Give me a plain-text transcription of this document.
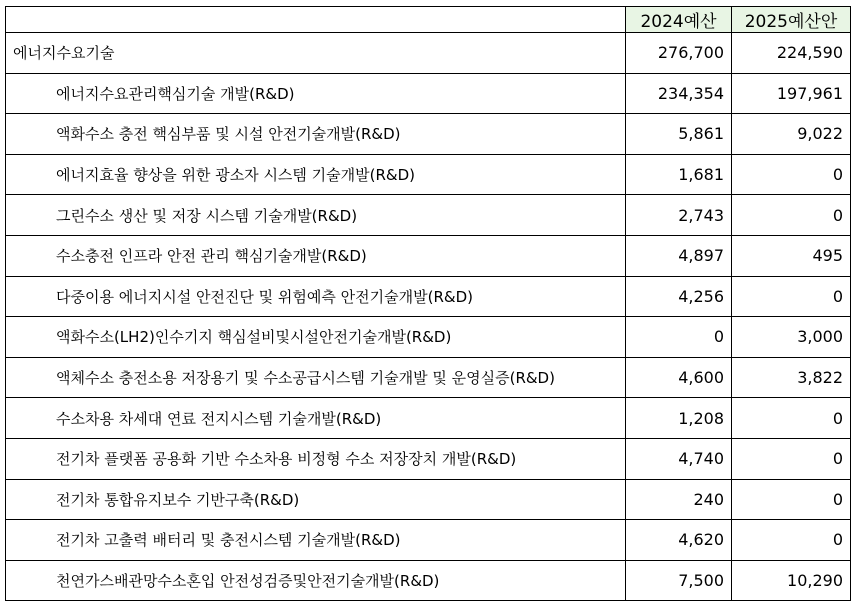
	2024예산	2025예산안
에너지수요기술	276,700	224,590
에너지수요관리핵심기술 개발(R&D)	234,354	197,961
액화수소 충전 핵심부품 및 시설 안전기술개발(R&D)	5,861	9,022
에너지효율 향상을 위한 광소자 시스템 기술개발(R&D)	1,681	0
그린수소 생산 및 저장 시스템 기술개발(R&D)	2,743	0
수소충전 인프라 안전 관리 핵심기술개발(R&D)	4,897	495
다중이용 에너지시설 안전진단 및 위험예측 안전기술개발(R&D)	4,256	0
액화수소(LH2)인수기지 핵심설비및시설안전기술개발(R&D)	0	3,000
액체수소 충전소용 저장용기 및 수소공급시스템 기술개발 및 운영실증(R&D)	4,600	3,822
수소차용 차세대 연료 전지시스템 기술개발(R&D)	1,208	0
전기차 플랫폼 공용화 기반 수소차용 비정형 수소 저장장치 개발(R&D)	4,740	0
전기차 통합유지보수 기반구축(R&D)	240	0
전기차 고출력 배터리 및 충전시스템 기술개발(R&D)	4,620	0
천연가스배관망수소혼입 안전성검증및안전기술개발(R&D)	7,500	10,290
